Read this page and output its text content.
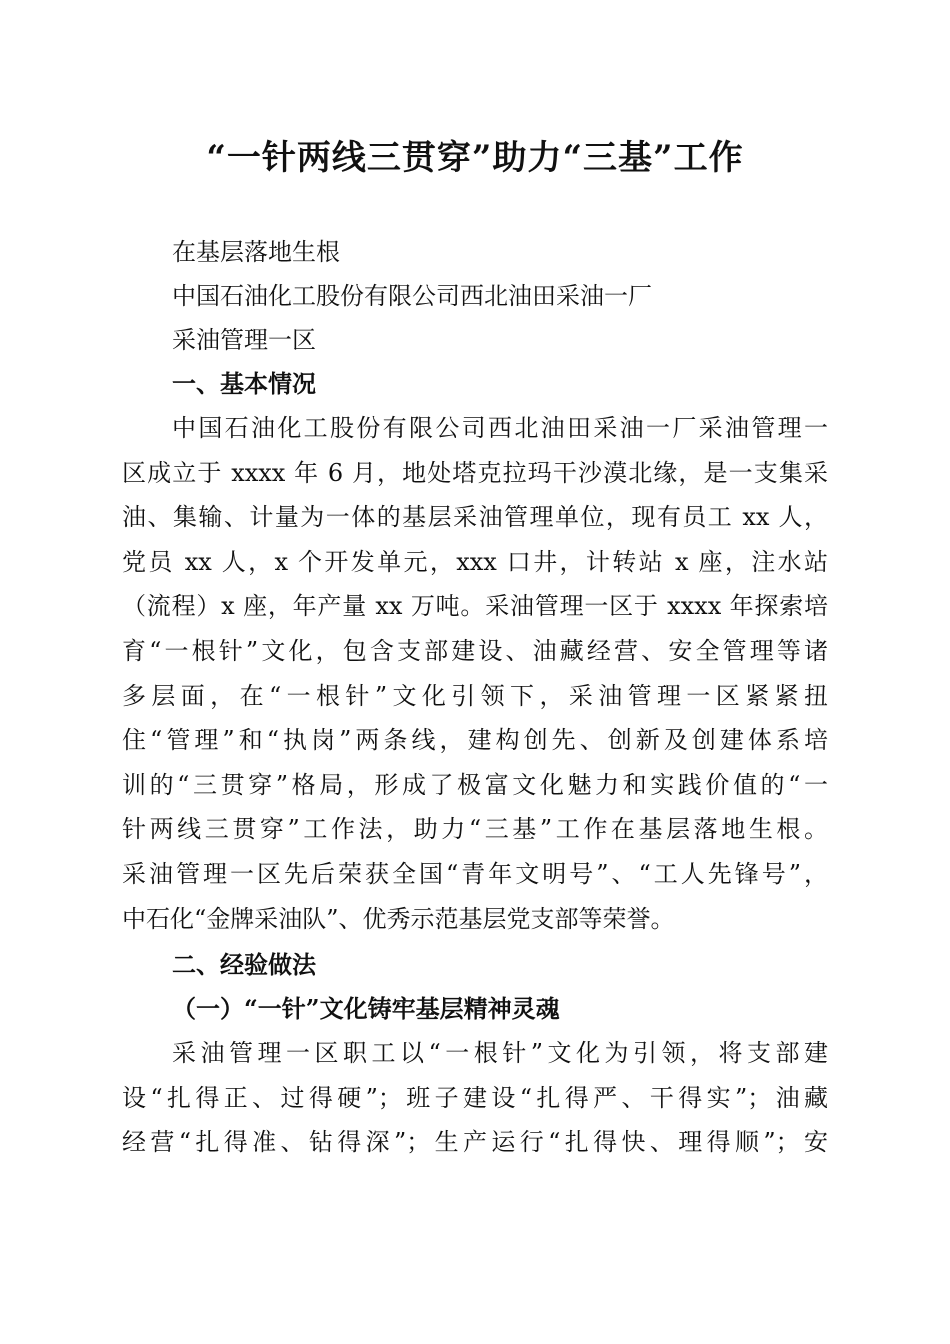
“一针两线三贯穿”助力“三基”工作

在基层落地生根

中国石油化工股份有限公司西北油田采油一厂

采油管理一区

一、基本情况
中国石油化工股份有限公司西北油田采油一厂采油管理一
区成立于 xxxx 年 6 月，地处塔克拉玛干沙漠北缘，是一支集采
油、集输、计量为一体的基层采油管理单位，现有员工 xx 人，
党员 xx 人，x 个开发单元，xxx 口井，计转站 x 座，注水站
（流程）x 座，年产量 xx 万吨。采油管理一区于 xxxx 年探索培
育“一根针”文化，包含支部建设、油藏经营、安全管理等诸
多层面，在“一根针”文化引领下，采油管理一区紧紧扭
住“管理”和“执岗”两条线，建构创先、创新及创建体系培
训的“三贯穿”格局，形成了极富文化魅力和实践价值的“一
针两线三贯穿”工作法，助力“三基”工作在基层落地生根。
采油管理一区先后荣获全国“青年文明号”、“工人先锋号”，
中石化“金牌采油队”、优秀示范基层党支部等荣誉。
二、经验做法
（一）“一针”文化铸牢基层精神灵魂
采油管理一区职工以“一根针”文化为引领，将支部建
设“扎得正、过得硬”；班子建设“扎得严、干得实”；油藏
经营“扎得准、钻得深”；生产运行“扎得快、理得顺”；安
